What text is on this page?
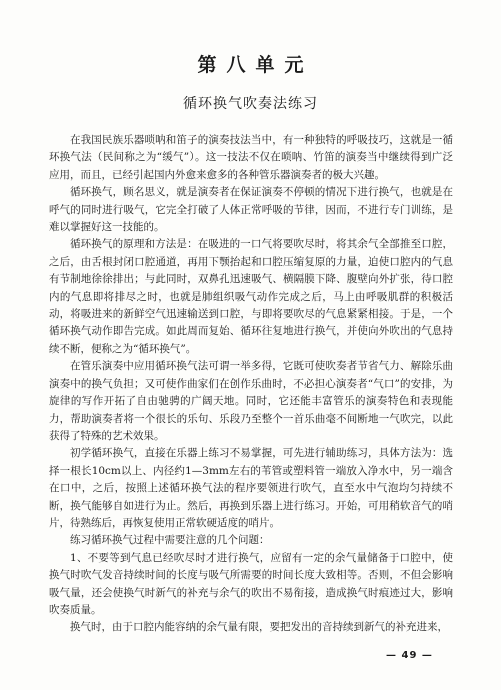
第八单元
循环换气吹奏法练习

在我国民族乐器唢呐和笛子的演奏技法当中，有一种独特的呼吸技巧，这就是一循环换气法（民间称之为“缓气”）。这一技法不仅在唢呐、竹笛的演奏当中继续得到广泛应用，而且，已经引起国内外愈来愈多的各种管乐器演奏者的极大兴趣。

循环换气，顾名思义，就是演奏者在保证演奏不停顿的情况下进行换气，也就是在呼气的同时进行吸气，它完全打破了人体正常呼吸的节律，因而，不进行专门训练，是难以掌握好这一技能的。

循环换气的原理和方法是：在吸进的一口气将要吹尽时，将其余气全部推至口腔，之后，由舌根封闭口腔通道，再用下颚抬起和口腔压缩复原的力量，迫使口腔内的气息有节制地徐徐排出；与此同时，双鼻孔迅速吸气、横隔膜下降、腹壁向外扩张，待口腔内的气息即将排尽之时，也就是肺组织吸气动作完成之后，马上由呼吸肌群的积极活动，将吸进来的新鲜空气迅速输送到口腔，与即将要吹尽的气息紧紧相接。于是，一个循环换气动作即告完成。如此周而复始、循环往复地进行换气，并使向外吹出的气息持续不断，便称之为“循环换气”。

在管乐演奏中应用循环换气法可谓一举多得，它既可使吹奏者节省气力、解除乐曲演奏中的换气负担；又可使作曲家们在创作乐曲时，不必担心演奏者“气口”的安排，为旋律的写作开拓了自由驰骋的广阔天地。同时，它还能丰富管乐的演奏特色和表现能力，帮助演奏者将一个很长的乐句、乐段乃至整个一首乐曲毫不间断地一气吹完，以此获得了特殊的艺术效果。

初学循环换气，直接在乐器上练习不易掌握，可先进行辅助练习，具体方法为：选择一根长10cm以上、内径约1—3mm左右的苇管或塑料管一端放入净水中，另一端含在口中，之后，按照上述循环换气法的程序要领进行吹气，直至水中气泡均匀持续不断，换气能够自如进行为止。然后，再换到乐器上进行练习。开始，可用稍软音气的哨片，待熟练后，再恢复使用正常软硬适度的哨片。

练习循环换气过程中需要注意的几个问题：

1、不要等到气息已经吹尽时才进行换气，应留有一定的余气量储备于口腔中，使换气时吹气发音持续时间的长度与吸气所需要的时间长度大致相等。否则，不但会影响吸气量，还会使换气时新气的补充与余气的吹出不易衔接，造成换气时痕迹过大，影响吹奏质量。

换气时，由于口腔内能容纳的余气量有限，要把发出的音持续到新气的补充进来，

— 49 —
